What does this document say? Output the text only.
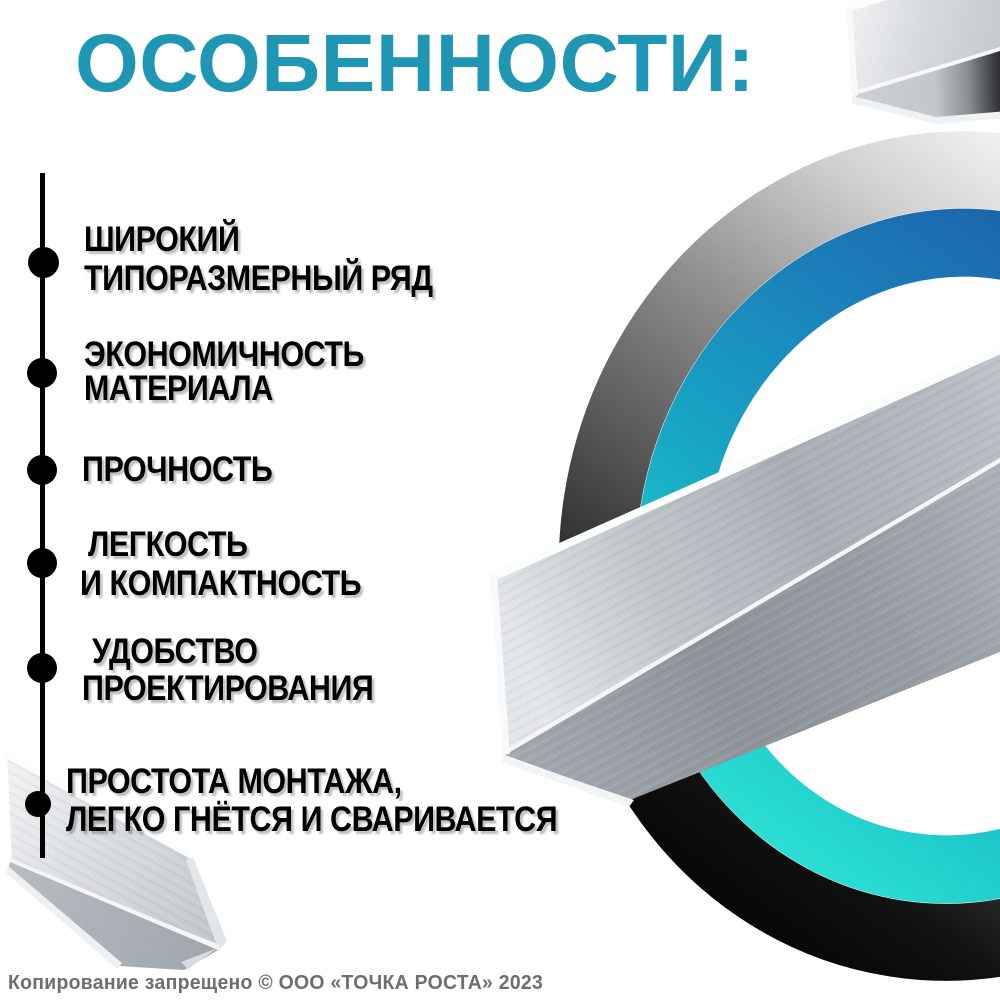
ОСОБЕННОСТИ:
ШИРОКИЙ
ТИПОРАЗМЕРНЫЙ РЯД
ЭКОНОМИЧНОСТЬ
МАТЕРИАЛА
ПРОЧНОСТЬ
ЛЕГКОСТЬ
И КОМПАКТНОСТЬ
УДОБСТВО
ПРОЕКТИРОВАНИЯ
ПРОСТОТА МОНТАЖА,
ЛЕГКО ГНЁТСЯ И СВАРИВАЕТСЯ
Копирование запрещено © ООО «ТОЧКА РОСТА» 2023
